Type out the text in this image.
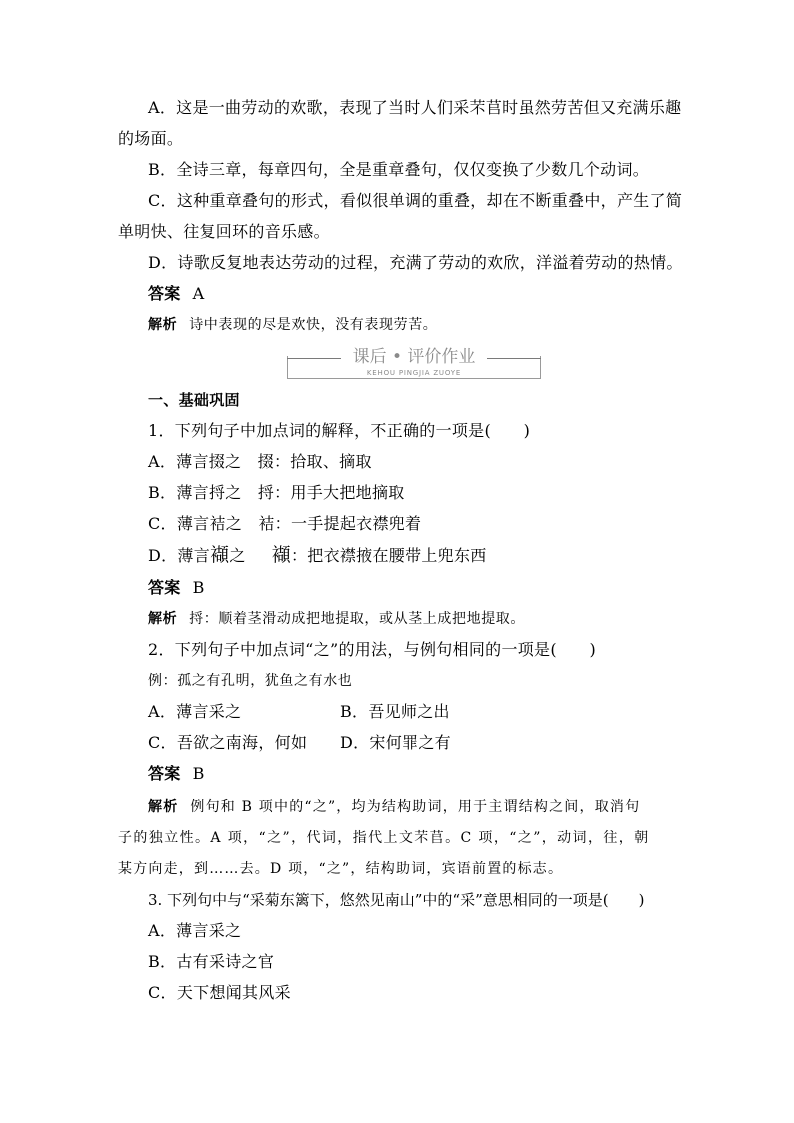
A．这是一曲劳动的欢歌，表现了当时人们采芣苢时虽然劳苦但又充满乐趣
的场面。
B．全诗三章，每章四句，全是重章叠句，仅仅变换了少数几个动词。
C．这种重章叠句的形式，看似很单调的重叠，却在不断重叠中，产生了简
单明快、往复回环的音乐感。
D．诗歌反复地表达劳动的过程，充满了劳动的欢欣，洋溢着劳动的热情。
答案 A
解析 诗中表现的尽是欢快，没有表现劳苦。
课后 • 评价作业
KEHOU PINGJIA ZUOYE
一、基础巩固
1．下列句子中加点词的解释，不正确的一项是(　　)
A．薄言掇之　掇：拾取、摘取
B．薄言捋之　捋：用手大把地摘取
C．薄言袺之　袺：一手提起衣襟兜着
D．薄言襭之 襭：把衣襟掖在腰带上兜东西
答案 B
解析 捋：顺着茎滑动成把地提取，或从茎上成把地提取。
2．下列句子中加点词“之”的用法，与例句相同的一项是(　　)
例：孤之有孔明，犹鱼之有水也
A．薄言采之	B．吾见师之出
C．吾欲之南海，何如 D．宋何罪之有
答案 B
解析 例句和 B 项中的“之”，均为结构助词，用于主谓结构之间，取消句
子的独立性。A 项，“之”，代词，指代上文芣苢。C 项，“之”，动词，往，朝
某方向走，到……去。D 项，“之”，结构助词，宾语前置的标志。
3. 下列句中与“采菊东篱下，悠然见南山”中的“采”意思相同的一项是(　　)
A．薄言采之
B．古有采诗之官
C．天下想闻其风采
